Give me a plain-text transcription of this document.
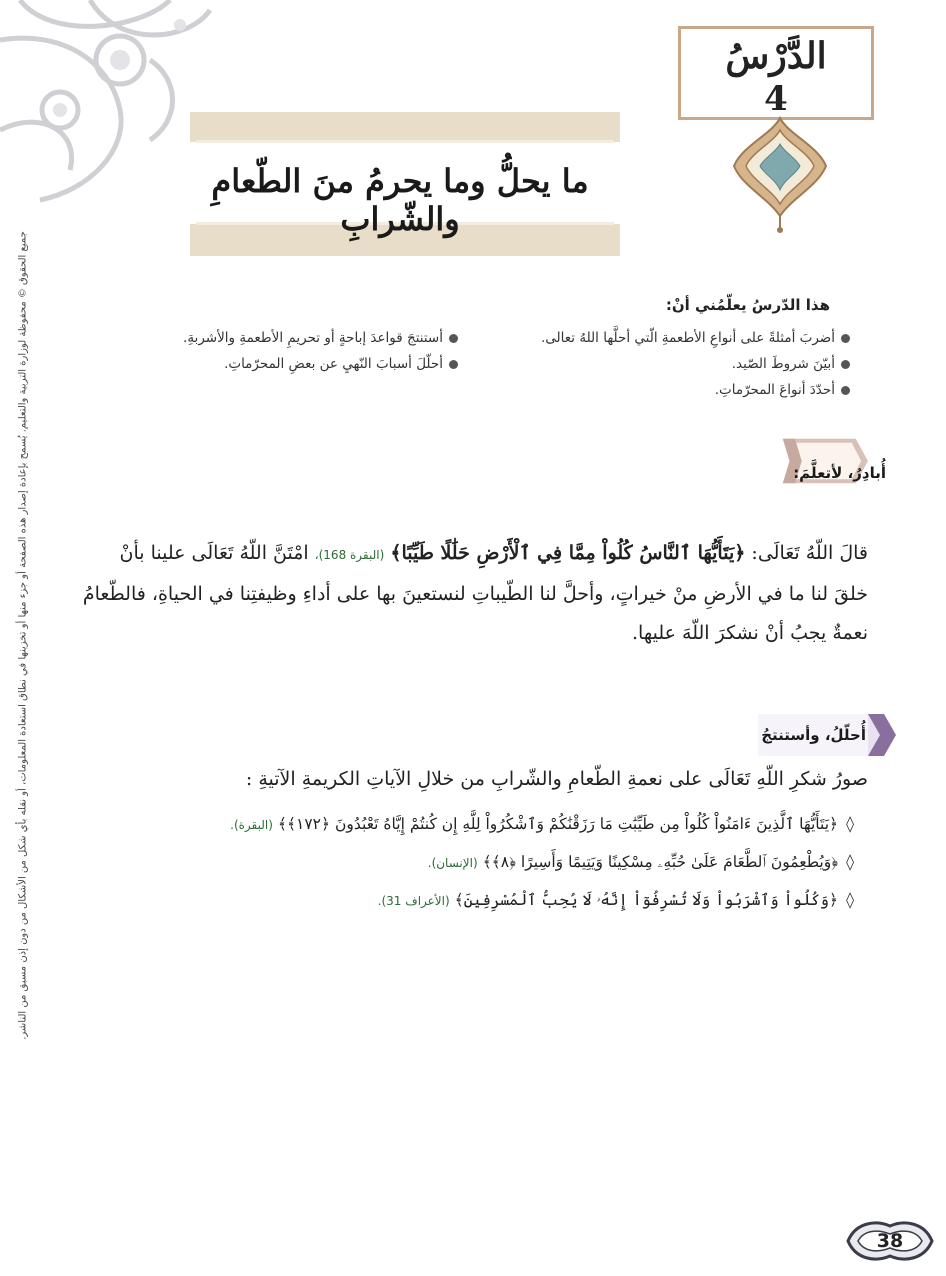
الدَّرْسُ
4
ما يحلُّ وما يحرمُ منَ الطّعامِ والشّرابِ
جميع الحقوق © محفوظة لوزارة التربية والتعليم. يُسمح بإعادة إصدار هذه الصفحة أو جزء منها أو تخزينها في نطاق استعادة المعلومات، أو نقله بأي شكل من الأشكال من دون إذن مسبق من الناشر.	هذا الدّرسُ يعلّمُني أنْ:
أضربَ أمثلةً على أنواعِ الأطعمةِ الّتي أحلَّها اللهُ تعالى.
أبيّنَ شروطَ الصّيد.
أحدّدَ أنواعَ المحرّماتِ.
أستنتجَ قواعدَ إباحةٍ أو تحريمِ الأطعمةِ والأشربةِ.
أحلّلَ أسبابَ النّهيِ عن بعضِ المحرّماتِ.
أُبادِرُ، لأتعلَّمَ:
قالَ اللّهُ تَعَالَى: ﴿يَتَأَيُّهَا ٱلنَّاسُ كُلُواْ مِمَّا فِي ٱلْأَرْضِ حَلَٰلًا طَيِّبًا﴾ (البقرة 168)، امْتَنَّ اللّهُ تَعَالَى علينا بأنْ خلقَ لنا ما في الأرضِ منْ خيراتٍ، وأحلَّ لنا الطّيباتِ لنستعينَ بها على أداءِ وظيفتِنا في الحياةِ، فالطّعامُ نعمةٌ يجبُ أنْ نشكرَ اللّهَ عليها.
أُحلّلُ، وأستنتجُ
صورُ شكرِ اللّهِ تَعَالَى على نعمةِ الطّعامِ والشّرابِ من خلالِ الآياتِ الكريمةِ الآتيةِ :
◊﴿يَتَأَيُّهَا ٱلَّذِينَ ءَامَنُواْ كُلُواْ مِن طَيِّبَٰتِ مَا رَزَقْنَٰكُمْ وَٱشْكُرُواْ لِلَّهِ إِن كُنتُمْ إِيَّاهُ تَعْبُدُونَ ﴿١٧٢﴾﴾ (البقرة).
◊﴿وَيُطْعِمُونَ ٱلطَّعَامَ عَلَىٰ حُبِّهِۦ مِسْكِينًا وَيَتِيمًا وَأَسِيرًا ﴿٨﴾﴾ (الإنسان).
◊﴿وَكُلُواْ وَٱشْرَبُواْ وَلَا تُسْرِفُوٓاْ إِنَّهُۥ لَا يُحِبُّ ٱلْمُسْرِفِينَ﴾ (الأعراف 31).
38
